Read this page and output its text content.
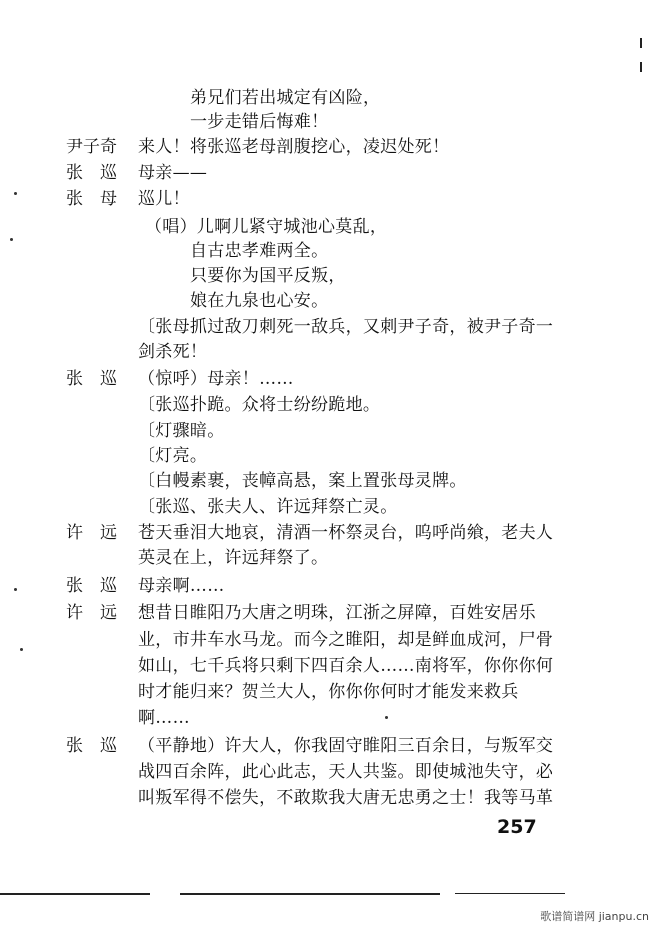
弟兄们若出城定有凶险，
一步走错后悔难！
尹子奇 来人！将张巡老母剖腹挖心，凌迟处死！
张　巡 母亲——
张　母 巡儿！
（唱）儿啊儿紧守城池心莫乱，
自古忠孝难两全。
只要你为国平反叛，
娘在九泉也心安。
〔张母抓过敌刀刺死一敌兵，又刺尹子奇，被尹子奇一
剑杀死！
张　巡 （惊呼）母亲！……
〔张巡扑跪。众将士纷纷跪地。
〔灯骤暗。
〔灯亮。
〔白幔素裹，丧幛高悬，案上置张母灵牌。
〔张巡、张夫人、许远拜祭亡灵。
许　远 苍天垂泪大地哀，清酒一杯祭灵台，呜呼尚飨，老夫人
英灵在上，许远拜祭了。
张　巡 母亲啊……
许　远 想昔日睢阳乃大唐之明珠，江浙之屏障，百姓安居乐
业，市井车水马龙。而今之睢阳，却是鲜血成河，尸骨
如山，七千兵将只剩下四百余人……南将军，你你你何
时才能归来？贺兰大人，你你你何时才能发来救兵
啊……
张　巡 （平静地）许大人，你我固守睢阳三百余日，与叛军交
战四百余阵，此心此志，天人共鉴。即使城池失守，必
叫叛军得不偿失，不敢欺我大唐无忠勇之士！我等马革
257
歌谱简谱网 jianpu.cn
